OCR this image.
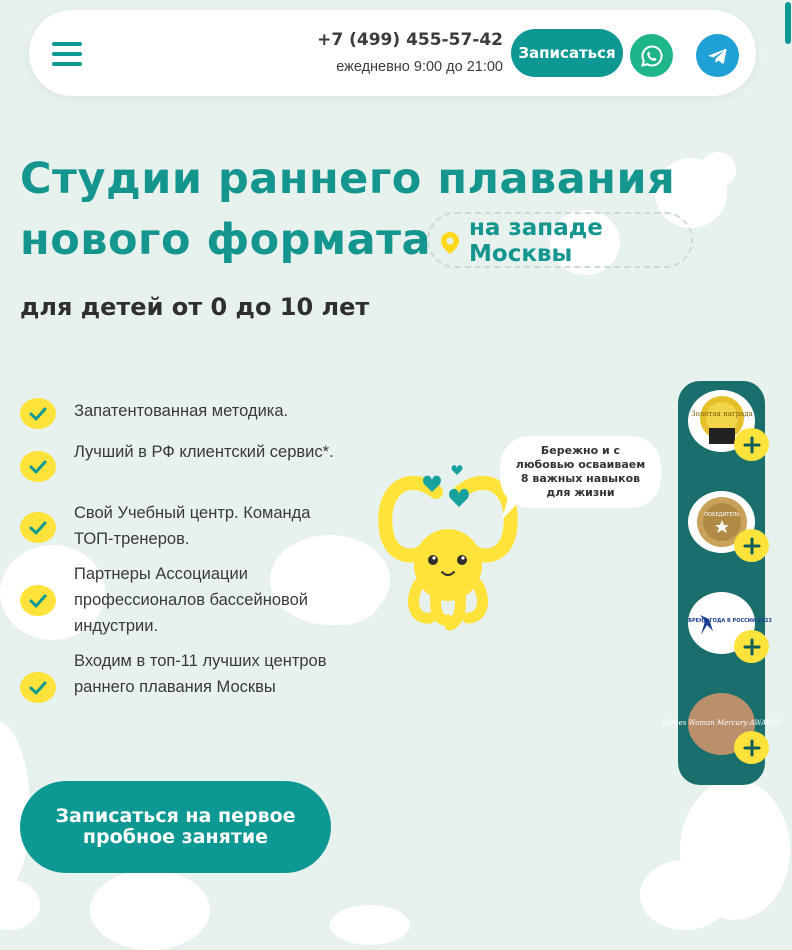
+7 (499) 455-57-42
ежедневно 9:00 до 21:00
Записаться
Студии раннего плавания
нового формата на западе
Москвы
для детей от 0 до 10 лет
Запатентованная методика.
Лучший в РФ клиентский сервис*.
Свой Учебный центр. Команда ТОП-тренеров.
Партнеры Ассоциации профессионалов бассейновой индустрии.
Входим в топ-11 лучших центров раннего плавания Москвы
Бережно и с любовью осваиваем 8 важных навыков для жизни
Золотая награда
ПОБЕДИТЕЛЬ
БРЕНД ГОДА В РОССИИ 2023
Forbes Woman Mercury AWARDS
Записаться на первое
пробное занятие
